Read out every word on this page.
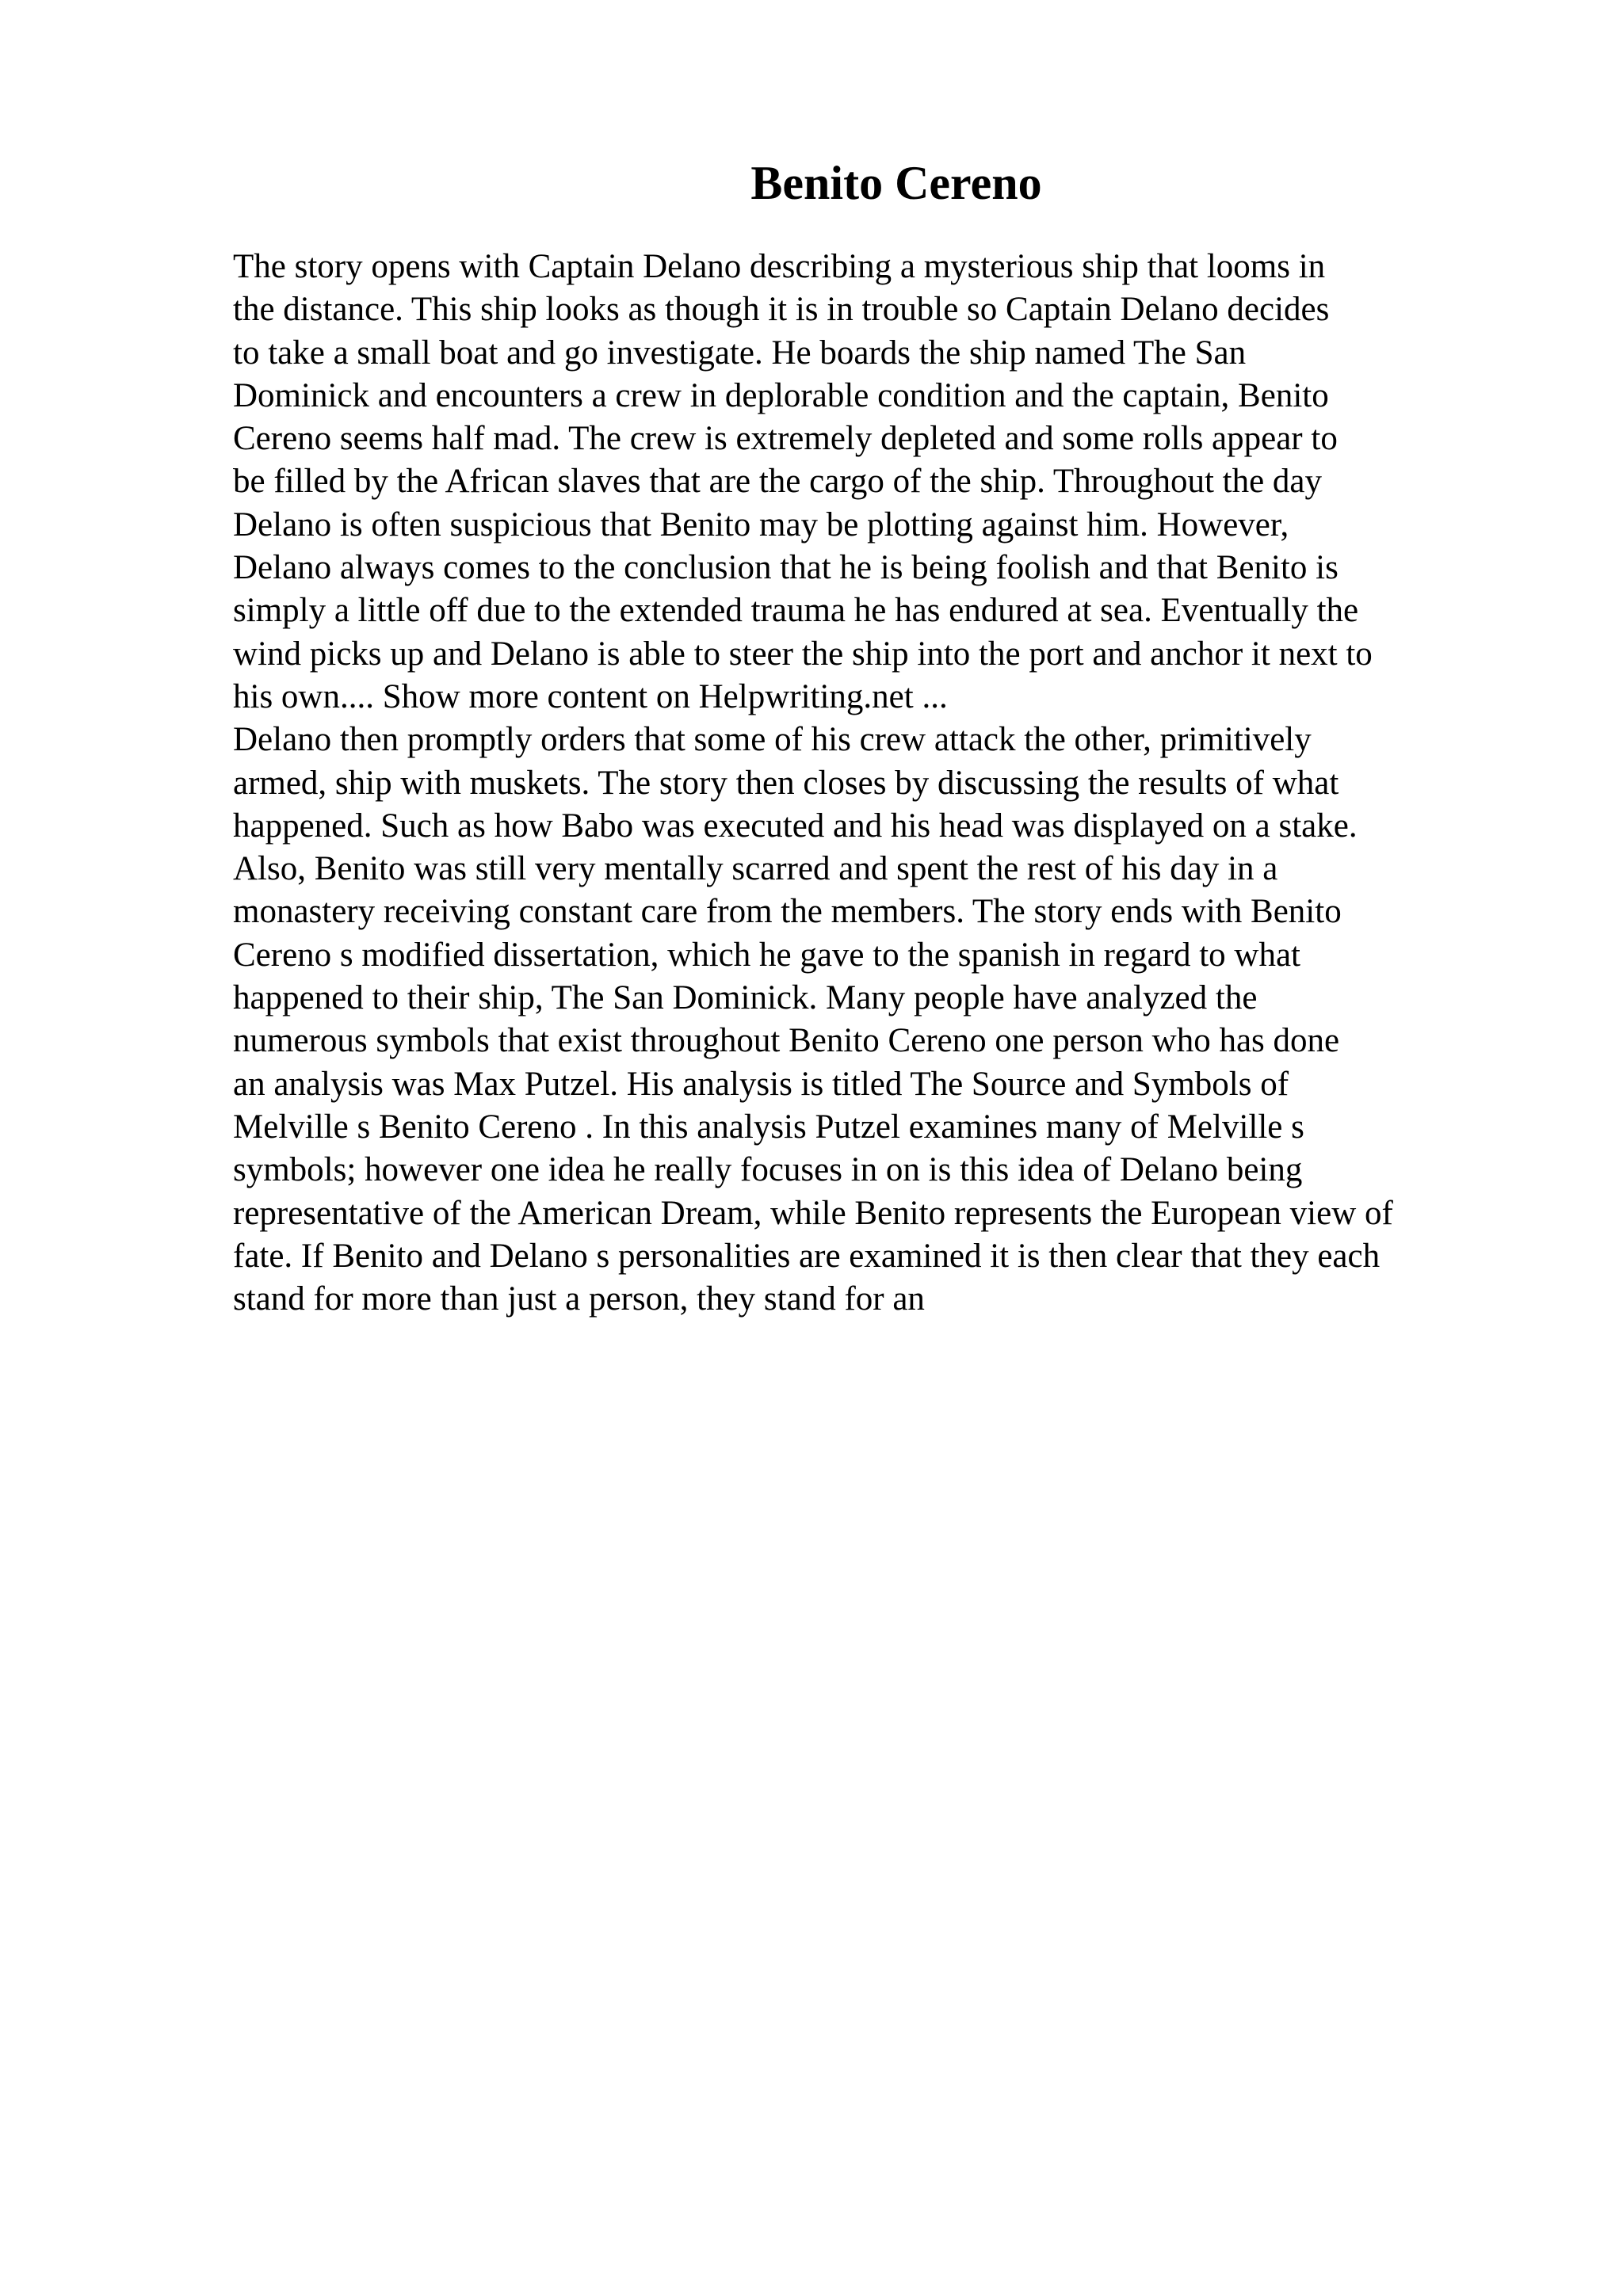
Benito Cereno
The story opens with Captain Delano describing a mysterious ship that looms in
the distance. This ship looks as though it is in trouble so Captain Delano decides
to take a small boat and go investigate. He boards the ship named The San
Dominick and encounters a crew in deplorable condition and the captain, Benito
Cereno seems half mad. The crew is extremely depleted and some rolls appear to
be filled by the African slaves that are the cargo of the ship. Throughout the day
Delano is often suspicious that Benito may be plotting against him. However,
Delano always comes to the conclusion that he is being foolish and that Benito is
simply a little off due to the extended trauma he has endured at sea. Eventually the
wind picks up and Delano is able to steer the ship into the port and anchor it next to
his own.... Show more content on Helpwriting.net ...
Delano then promptly orders that some of his crew attack the other, primitively
armed, ship with muskets. The story then closes by discussing the results of what
happened. Such as how Babo was executed and his head was displayed on a stake.
Also, Benito was still very mentally scarred and spent the rest of his day in a
monastery receiving constant care from the members. The story ends with Benito
Cereno s modified dissertation, which he gave to the spanish in regard to what
happened to their ship, The San Dominick. Many people have analyzed the
numerous symbols that exist throughout Benito Cereno one person who has done
an analysis was Max Putzel. His analysis is titled The Source and Symbols of
Melville s Benito Cereno . In this analysis Putzel examines many of Melville s
symbols; however one idea he really focuses in on is this idea of Delano being
representative of the American Dream, while Benito represents the European view of
fate. If Benito and Delano s personalities are examined it is then clear that they each
stand for more than just a person, they stand for an
